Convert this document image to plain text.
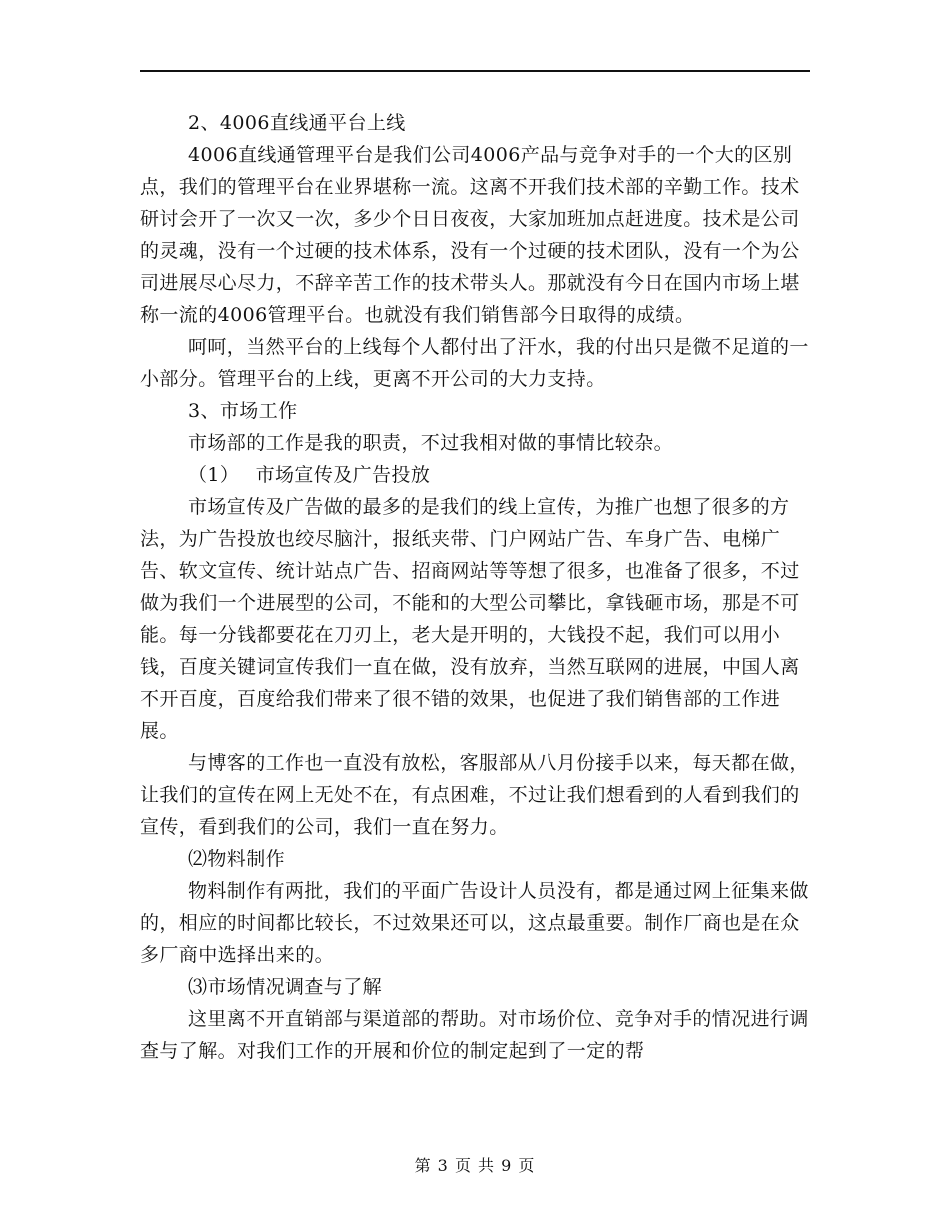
2、4006直线通平台上线

4006直线通管理平台是我们公司4006产品与竞争对手的一个大的区别点，我们的管理平台在业界堪称一流。这离不开我们技术部的辛勤工作。技术研讨会开了一次又一次，多少个日日夜夜，大家加班加点赶进度。技术是公司的灵魂，没有一个过硬的技术体系，没有一个过硬的技术团队，没有一个为公司进展尽心尽力，不辞辛苦工作的技术带头人。那就没有今日在国内市场上堪称一流的4006管理平台。也就没有我们销售部今日取得的成绩。

呵呵，当然平台的上线每个人都付出了汗水，我的付出只是微不足道的一小部分。管理平台的上线，更离不开公司的大力支持。

3、市场工作

市场部的工作是我的职责，不过我相对做的事情比较杂。

（1）　 市场宣传及广告投放

市场宣传及广告做的最多的是我们的线上宣传，为推广也想了很多的方法，为广告投放也绞尽脑汁，报纸夹带、门户网站广告、车身广告、电梯广告、软文宣传、统计站点广告、招商网站等等想了很多，也准备了很多，不过做为我们一个进展型的公司，不能和的大型公司攀比，拿钱砸市场，那是不可能。每一分钱都要花在刀刃上，老大是开明的，大钱投不起，我们可以用小钱，百度关键词宣传我们一直在做，没有放弃，当然互联网的进展，中国人离不开百度，百度给我们带来了很不错的效果，也促进了我们销售部的工作进展。

与博客的工作也一直没有放松，客服部从八月份接手以来，每天都在做，让我们的宣传在网上无处不在，有点困难，不过让我们想看到的人看到我们的宣传，看到我们的公司，我们一直在努力。

⑵物料制作

物料制作有两批，我们的平面广告设计人员没有，都是通过网上征集来做的，相应的时间都比较长，不过效果还可以，这点最重要。制作厂商也是在众多厂商中选择出来的。

⑶市场情况调查与了解

这里离不开直销部与渠道部的帮助。对市场价位、竞争对手的情况进行调查与了解。对我们工作的开展和价位的制定起到了一定的帮

第 3 页 共 9 页
